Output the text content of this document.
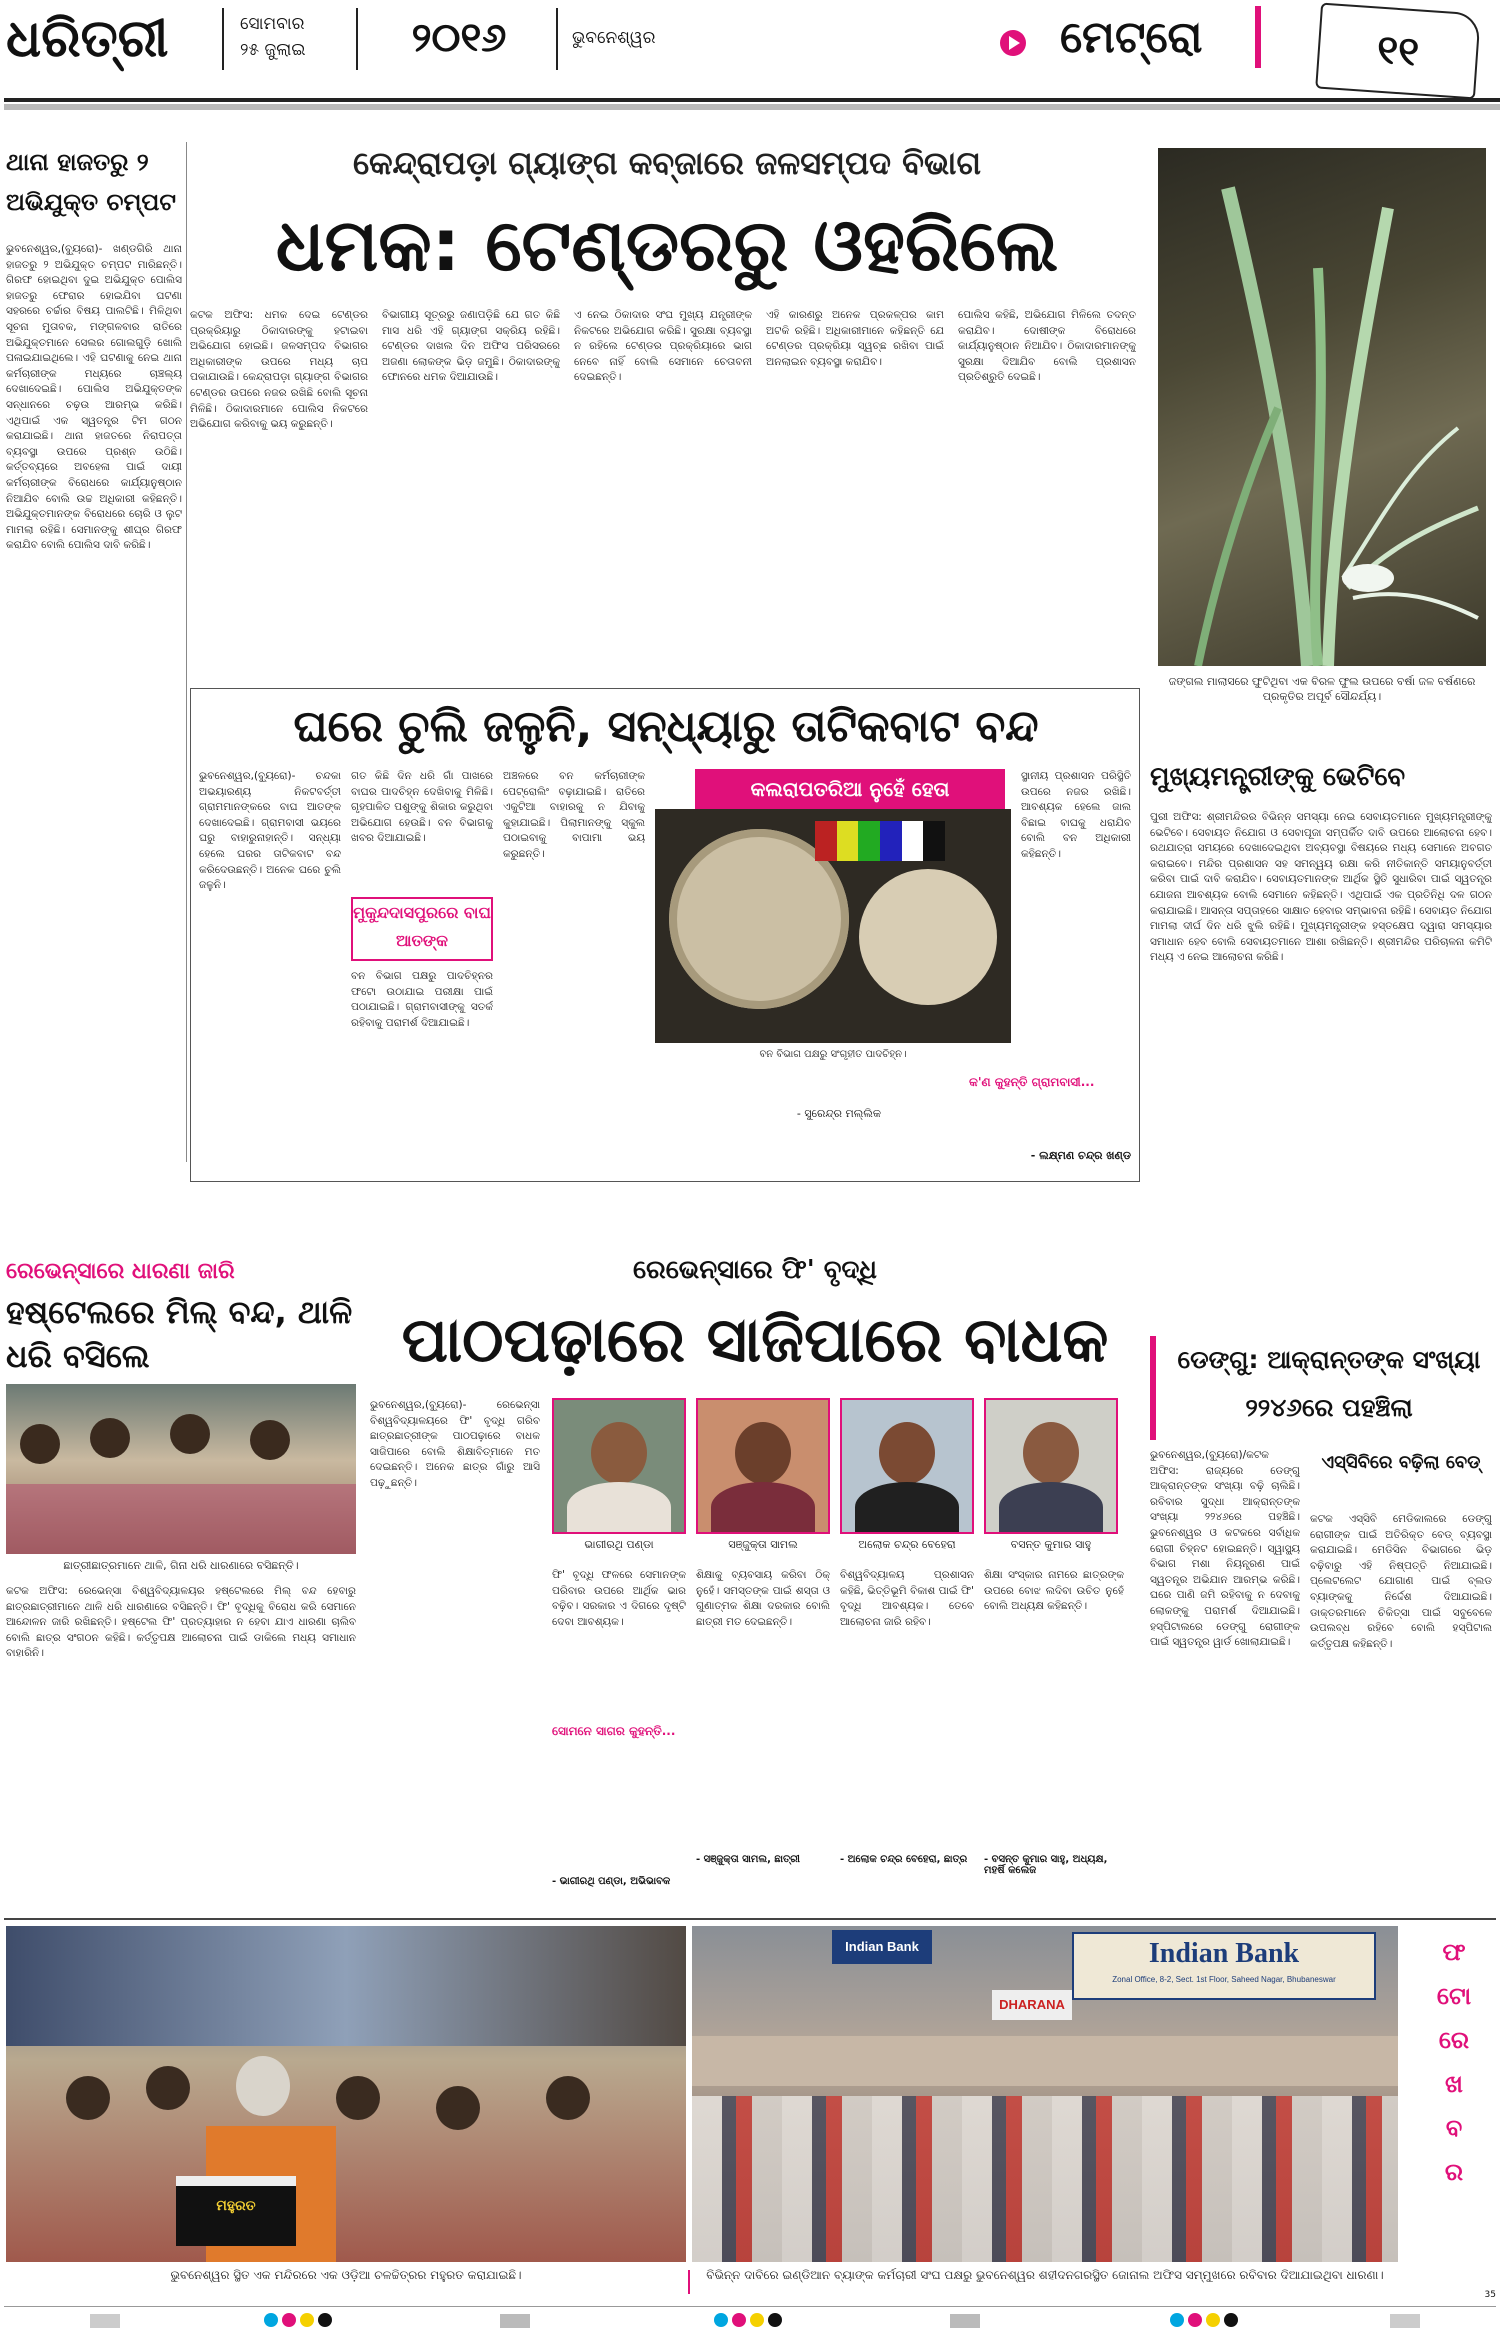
ଧରିତ୍ରୀ	ସୋମବାର
୨୫ ଜୁଲାଇ	୨୦୧୬	ଭୁବନେଶ୍ୱର	ମେଟ୍ରୋ	୧୧
ଥାନା ହାଜତରୁ ୨ ଅଭିଯୁକ୍ତ ଚମ୍ପଟ
ଭୁବନେଶ୍ୱର,(ବ୍ୟୁରୋ)- ଖଣ୍ଡଗିରି ଥାନା ହାଜତରୁ ୨ ଅଭିଯୁକ୍ତ ଚମ୍ପଟ ମାରିଛନ୍ତି। ଗିରଫ ହୋଇଥିବା ଦୁଇ ଅଭିଯୁକ୍ତ ପୋଲିସ ହାଜତରୁ ଫେରାର ହୋଇଯିବା ଘଟଣା ସହରରେ ଚର୍ଚ୍ଚାର ବିଷୟ ପାଲଟିଛି। ମିଳିଥିବା ସୂଚନା ମୁତାବକ, ମଙ୍ଗଳବାର ରାତିରେ ଅଭିଯୁକ୍ତମାନେ ସେଲର ଗୋଲଗୁଡ଼ି ଖୋଲି ପଳାଇଯାଇଥିଲେ। ଏହି ଘଟଣାକୁ ନେଇ ଥାନା କର୍ମଚାରୀଙ୍କ ମଧ୍ୟରେ ଚାଞ୍ଚଲ୍ୟ ଦେଖାଦେଇଛି। ପୋଲିସ ଅଭିଯୁକ୍ତଙ୍କ ସନ୍ଧାନରେ ଚଢ଼ଉ ଆରମ୍ଭ କରିଛି। ଏଥିପାଇଁ ଏକ ସ୍ୱତନ୍ତ୍ର ଟିମ ଗଠନ କରାଯାଇଛି। ଥାନା ହାଜତରେ ନିରାପତ୍ତା ବ୍ୟବସ୍ଥା ଉପରେ ପ୍ରଶ୍ନ ଉଠିଛି। କର୍ତ୍ତବ୍ୟରେ ଅବହେଳା ପାଇଁ ଦାୟୀ କର୍ମଚାରୀଙ୍କ ବିରୋଧରେ କାର୍ଯ୍ୟାନୁଷ୍ଠାନ ନିଆଯିବ ବୋଲି ଉଚ୍ଚ ଅଧିକାରୀ କହିଛନ୍ତି। ଅଭିଯୁକ୍ତମାନଙ୍କ ବିରୋଧରେ ଚୋରି ଓ ଲୁଟ ମାମଲା ରହିଛି। ସେମାନଙ୍କୁ ଶୀଘ୍ର ଗିରଫ କରାଯିବ ବୋଲି ପୋଲିସ ଦାବି କରିଛି।
କେନ୍ଦ୍ରାପଡ଼ା ଗ୍ୟାଙ୍ଗ କବ୍‌ଜାରେ ଜଳସମ୍ପଦ ବିଭାଗ
ଧମକ: ଟେଣ୍ଡରରୁ ଓହରିଲେ
କଟକ ଅଫିସ: ଧମକ ଦେଇ ଟେଣ୍ଡର ପ୍ରକ୍ରିୟାରୁ ଠିକାଦାରଙ୍କୁ ହଟାଇବା ଅଭିଯୋଗ ହୋଇଛି। ଜଳସମ୍ପଦ ବିଭାଗର ଅଧିକାରୀଙ୍କ ଉପରେ ମଧ୍ୟ ଚାପ ପକାଯାଉଛି। କେନ୍ଦ୍ରାପଡ଼ା ଗ୍ୟାଙ୍ଗ ବିଭାଗର ଟେଣ୍ଡର ଉପରେ ନଜର ରଖିଛି ବୋଲି ସୂଚନା ମିଳିଛି। ଠିକାଦାରମାନେ ପୋଲିସ ନିକଟରେ ଅଭିଯୋଗ କରିବାକୁ ଭୟ କରୁଛନ୍ତି।
ବିଭାଗୀୟ ସୂତ୍ରରୁ ଜଣାପଡ଼ିଛି ଯେ ଗତ କିଛି ମାସ ଧରି ଏହି ଗ୍ୟାଙ୍ଗ ସକ୍ରିୟ ରହିଛି। ଟେଣ୍ଡର ଦାଖଲ ଦିନ ଅଫିସ ପରିସରରେ ଅଜଣା ଲୋକଙ୍କ ଭିଡ଼ ଜମୁଛି। ଠିକାଦାରଙ୍କୁ ଫୋନରେ ଧମକ ଦିଆଯାଉଛି।
ଏ ନେଇ ଠିକାଦାର ସଂଘ ମୁଖ୍ୟ ଯନ୍ତ୍ରୀଙ୍କ ନିକଟରେ ଅଭିଯୋଗ କରିଛି। ସୁରକ୍ଷା ବ୍ୟବସ୍ଥା ନ ରହିଲେ ଟେଣ୍ଡର ପ୍ରକ୍ରିୟାରେ ଭାଗ ନେବେ ନାହିଁ ବୋଲି ସେମାନେ ଚେତାବନୀ ଦେଇଛନ୍ତି।
ଏହି କାରଣରୁ ଅନେକ ପ୍ରକଳ୍ପର କାମ ଅଟକି ରହିଛି। ଅଧିକାରୀମାନେ କହିଛନ୍ତି ଯେ ଟେଣ୍ଡର ପ୍ରକ୍ରିୟା ସ୍ୱଚ୍ଛ ରଖିବା ପାଇଁ ଅନଲାଇନ ବ୍ୟବସ୍ଥା କରାଯିବ।
ପୋଲିସ କହିଛି, ଅଭିଯୋଗ ମିଳିଲେ ତଦନ୍ତ କରାଯିବ। ଦୋଷୀଙ୍କ ବିରୋଧରେ କାର୍ଯ୍ୟାନୁଷ୍ଠାନ ନିଆଯିବ। ଠିକାଦାରମାନଙ୍କୁ ସୁରକ୍ଷା ଦିଆଯିବ ବୋଲି ପ୍ରଶାସନ ପ୍ରତିଶ୍ରୁତି ଦେଇଛି।
ଜଙ୍ଗଲ ମାଲାସରେ ଫୁଟିଥିବା ଏକ ବିରଳ ଫୁଲ ଉପରେ ବର୍ଷା ଜଳ ବର୍ଷଣରେ ପ୍ରକୃତିର ଅପୂର୍ବ ସୌନ୍ଦର୍ଯ୍ୟ।
ଘରେ ଚୁଲି ଜଳୁନି, ସନ୍ଧ୍ୟାରୁ ତାଟିକବାଟ ବନ୍ଦ
ଭୁବନେଶ୍ୱର,(ବ୍ୟୁରୋ)- ଚନ୍ଦକା ଅଭୟାରଣ୍ୟ ନିକଟବର୍ତ୍ତୀ ଗ୍ରାମମାନଙ୍କରେ ବାଘ ଆତଙ୍କ ଦେଖାଦେଇଛି। ଗ୍ରାମବାସୀ ଭୟରେ ଘରୁ ବାହାରୁନାହାନ୍ତି। ସନ୍ଧ୍ୟା ହେଲେ ଘରର ତାଟିକବାଟ ବନ୍ଦ କରିଦେଉଛନ୍ତି। ଅନେକ ଘରେ ଚୁଲି ଜଳୁନି।
ଗତ କିଛି ଦିନ ଧରି ଗାଁ ପାଖରେ ବାଘର ପାଦଚିହ୍ନ ଦେଖିବାକୁ ମିଳିଛି। ଗୃହପାଳିତ ପଶୁଙ୍କୁ ଶିକାର କରୁଥିବା ଅଭିଯୋଗ ହେଉଛି। ବନ ବିଭାଗକୁ ଖବର ଦିଆଯାଇଛି।
ମୁକୁନ୍ଦଦାସପୁରରେ ବାଘ ଆତଙ୍କ
ବନ ବିଭାଗ ପକ୍ଷରୁ ପାଦଚିହ୍ନର ଫଟୋ ଉଠାଯାଇ ପରୀକ୍ଷା ପାଇଁ ପଠାଯାଇଛି। ଗ୍ରାମବାସୀଙ୍କୁ ସତର୍କ ରହିବାକୁ ପରାମର୍ଶ ଦିଆଯାଇଛି।
ଅଞ୍ଚଳରେ ବନ କର୍ମଚାରୀଙ୍କ ପେଟ୍ରୋଲିଂ ବଢ଼ାଯାଇଛି। ରାତିରେ ଏକୁଟିଆ ବାହାରକୁ ନ ଯିବାକୁ କୁହାଯାଇଛି। ପିଲାମାନଙ୍କୁ ସ୍କୁଲ ପଠାଇବାକୁ ବାପାମା ଭୟ କରୁଛନ୍ତି।
କଲରାପତରିଆ ନୁହେଁ ହେତା
ବନ ବିଭାଗ ପକ୍ଷରୁ ସଂଗୃହୀତ ପାଦଚିହ୍ନ।
ସ୍ଥାନୀୟ ପ୍ରଶାସନ ପରିସ୍ଥିତି ଉପରେ ନଜର ରଖିଛି। ଆବଶ୍ୟକ ହେଲେ ଜାଲ ବିଛାଇ ବାଘକୁ ଧରାଯିବ ବୋଲି ବନ ଅଧିକାରୀ କହିଛନ୍ତି।
କ'ଣ କୁହନ୍ତି ଗ୍ରାମବାସୀ...
- ସୁରେନ୍ଦ୍ର ମଲ୍ଲିକ
- ଲକ୍ଷ୍ମଣ ଚନ୍ଦ୍ର ଖଣ୍ଡ
ମୁଖ୍ୟମନ୍ତ୍ରୀଙ୍କୁ ଭେଟିବେ
ପୁରୀ ଅଫିସ: ଶ୍ରୀମନ୍ଦିରର ବିଭିନ୍ନ ସମସ୍ୟା ନେଇ ସେବାୟତମାନେ ମୁଖ୍ୟମନ୍ତ୍ରୀଙ୍କୁ ଭେଟିବେ। ସେବାୟତ ନିଯୋଗ ଓ ସେବାପୂଜା ସମ୍ପର୍କିତ ଦାବି ଉପରେ ଆଲୋଚନା ହେବ। ରଥଯାତ୍ରା ସମୟରେ ଦେଖାଦେଇଥିବା ଅବ୍ୟବସ୍ଥା ବିଷୟରେ ମଧ୍ୟ ସେମାନେ ଅବଗତ କରାଇବେ। ମନ୍ଦିର ପ୍ରଶାସନ ସହ ସମନ୍ୱୟ ରକ୍ଷା କରି ନୀତିକାନ୍ତି ସମୟାନୁବର୍ତ୍ତୀ କରିବା ପାଇଁ ଦାବି କରାଯିବ। ସେବାୟତମାନଙ୍କ ଆର୍ଥିକ ସ୍ଥିତି ସୁଧାରିବା ପାଇଁ ସ୍ୱତନ୍ତ୍ର ଯୋଜନା ଆବଶ୍ୟକ ବୋଲି ସେମାନେ କହିଛନ୍ତି। ଏଥିପାଇଁ ଏକ ପ୍ରତିନିଧି ଦଳ ଗଠନ କରାଯାଇଛି। ଆସନ୍ତା ସପ୍ତାହରେ ସାକ୍ଷାତ ହେବାର ସମ୍ଭାବନା ରହିଛି। ସେବାୟତ ନିଯୋଗ ମାମଲା ଦୀର୍ଘ ଦିନ ଧରି ଝୁଲି ରହିଛି। ମୁଖ୍ୟମନ୍ତ୍ରୀଙ୍କ ହସ୍ତକ୍ଷେପ ଦ୍ୱାରା ସମସ୍ୟାର ସମାଧାନ ହେବ ବୋଲି ସେବାୟତମାନେ ଆଶା ରଖିଛନ୍ତି। ଶ୍ରୀମନ୍ଦିର ପରିଚାଳନା କମିଟି ମଧ୍ୟ ଏ ନେଇ ଆଲୋଚନା କରିଛି।
ରେଭେନ୍ସାରେ ଧାରଣା ଜାରି
ହଷ୍ଟେଲରେ ମିଲ୍ ବନ୍ଦ, ଥାଳି ଧରି ବସିଲେ
ଛାତ୍ରୀଛାତ୍ରମାନେ ଥାଳି, ଗିନା ଧରି ଧାରଣାରେ ବସିଛନ୍ତି।
କଟକ ଅଫିସ: ରେଭେନ୍ସା ବିଶ୍ୱବିଦ୍ୟାଳୟର ହଷ୍ଟେଲରେ ମିଲ୍ ବନ୍ଦ ହେବାରୁ ଛାତ୍ରଛାତ୍ରୀମାନେ ଥାଳି ଧରି ଧାରଣାରେ ବସିଛନ୍ତି। ଫି' ବୃଦ୍ଧିକୁ ବିରୋଧ କରି ସେମାନେ ଆନ୍ଦୋଳନ ଜାରି ରଖିଛନ୍ତି। ହଷ୍ଟେଲ ଫି' ପ୍ରତ୍ୟାହାର ନ ହେବା ଯାଏ ଧାରଣା ଚାଲିବ ବୋଲି ଛାତ୍ର ସଂଗଠନ କହିଛି। କର୍ତ୍ତୃପକ୍ଷ ଆଲୋଚନା ପାଇଁ ଡାକିଲେ ମଧ୍ୟ ସମାଧାନ ବାହାରିନି।
ରେଭେନ୍ସାରେ ଫି' ବୃଦ୍ଧି
ପାଠପଢ଼ାରେ ସାଜିପାରେ ବାଧକ
ଭୁବନେଶ୍ୱର,(ବ୍ୟୁରୋ)- ରେଭେନ୍ସା ବିଶ୍ୱବିଦ୍ୟାଳୟରେ ଫି' ବୃଦ୍ଧି ଗରିବ ଛାତ୍ରଛାତ୍ରୀଙ୍କ ପାଠପଢ଼ାରେ ବାଧକ ସାଜିପାରେ ବୋଲି ଶିକ୍ଷାବିତ୍ମାନେ ମତ ଦେଇଛନ୍ତି। ଅନେକ ଛାତ୍ର ଗାଁରୁ ଆସି ପଢ଼ୁଛନ୍ତି।
ଭାଗୀରଥି ପଣ୍ଡା	ସଞ୍ଜୁକ୍ତା ସାମଲ	ଅଲୋକ ଚନ୍ଦ୍ର ବେହେରା	ବସନ୍ତ କୁମାର ସାହୁ
ଫି' ବୃଦ୍ଧି ଫଳରେ ସେମାନଙ୍କ ପରିବାର ଉପରେ ଆର୍ଥିକ ଭାର ବଢ଼ିବ। ସରକାର ଏ ଦିଗରେ ଦୃଷ୍ଟି ଦେବା ଆବଶ୍ୟକ।
ସୋମନେ ସାଗର କୁହନ୍ତି...
ଶିକ୍ଷାକୁ ବ୍ୟବସାୟ କରିବା ଠିକ୍ ନୁହେଁ। ସମସ୍ତଙ୍କ ପାଇଁ ଶସ୍ତା ଓ ଗୁଣାତ୍ମକ ଶିକ୍ଷା ଦରକାର ବୋଲି ଛାତ୍ରୀ ମତ ଦେଇଛନ୍ତି।
ବିଶ୍ୱବିଦ୍ୟାଳୟ ପ୍ରଶାସନ କହିଛି, ଭିତ୍ତିଭୂମି ବିକାଶ ପାଇଁ ଫି' ବୃଦ୍ଧି ଆବଶ୍ୟକ। ତେବେ ଆଲୋଚନା ଜାରି ରହିବ।
ଶିକ୍ଷା ସଂସ୍କାର ନାମରେ ଛାତ୍ରଙ୍କ ଉପରେ ବୋଝ ଲଦିବା ଉଚିତ ନୁହେଁ ବୋଲି ଅଧ୍ୟକ୍ଷ କହିଛନ୍ତି।
- ସଞ୍ଜୁକ୍ତା ସାମଲ, ଛାତ୍ରୀ
- ଭାଗୀରଥି ପଣ୍ଡା, ଅଭିଭାବକ
- ଅଲୋକ ଚନ୍ଦ୍ର ବେହେରା, ଛାତ୍ର	- ବସନ୍ତ କୁମାର ସାହୁ, ଅଧ୍ୟକ୍ଷ, ମହର୍ଷି କଲେଜ
ଡେଙ୍ଗୁ: ଆକ୍ରାନ୍ତଙ୍କ ସଂଖ୍ୟା ୨୨୪୬ରେ ପହଞ୍ଚିଲା
ଭୁବନେଶ୍ୱର,(ବ୍ୟୁରୋ)/କଟକ ଅଫିସ: ରାଜ୍ୟରେ ଡେଙ୍ଗୁ ଆକ୍ରାନ୍ତଙ୍କ ସଂଖ୍ୟା ବଢ଼ି ଚାଲିଛି। ରବିବାର ସୁଦ୍ଧା ଆକ୍ରାନ୍ତଙ୍କ ସଂଖ୍ୟା ୨୨୪୬ରେ ପହଞ୍ଚିଛି। ଭୁବନେଶ୍ୱର ଓ କଟକରେ ସର୍ବାଧିକ ରୋଗୀ ଚିହ୍ନଟ ହୋଇଛନ୍ତି। ସ୍ୱାସ୍ଥ୍ୟ ବିଭାଗ ମଶା ନିୟନ୍ତ୍ରଣ ପାଇଁ ସ୍ୱତନ୍ତ୍ର ଅଭିଯାନ ଆରମ୍ଭ କରିଛି। ଘରେ ପାଣି ଜମି ରହିବାକୁ ନ ଦେବାକୁ ଲୋକଙ୍କୁ ପରାମର୍ଶ ଦିଆଯାଇଛି। ହସ୍ପିଟାଲରେ ଡେଙ୍ଗୁ ରୋଗୀଙ୍କ ପାଇଁ ସ୍ୱତନ୍ତ୍ର ୱାର୍ଡ ଖୋଲାଯାଇଛି।
ଏସ୍‌ସିବିରେ ବଢ଼ିଲା ବେଡ୍
କଟକ ଏସ୍‌ସିବି ମେଡିକାଲରେ ଡେଙ୍ଗୁ ରୋଗୀଙ୍କ ପାଇଁ ଅତିରିକ୍ତ ବେଡ୍ ବ୍ୟବସ୍ଥା କରାଯାଇଛି। ମେଡିସିନ ବିଭାଗରେ ଭିଡ଼ ବଢ଼ିବାରୁ ଏହି ନିଷ୍ପତ୍ତି ନିଆଯାଇଛି। ପ୍ଲେଟଲେଟ ଯୋଗାଣ ପାଇଁ ବ୍ଲଡ ବ୍ୟାଙ୍କକୁ ନିର୍ଦ୍ଦେଶ ଦିଆଯାଇଛି। ଡାକ୍ତରମାନେ ଚିକିତ୍ସା ପାଇଁ ସବୁବେଳେ ଉପଲବ୍ଧ ରହିବେ ବୋଲି ହସ୍ପିଟାଲ କର୍ତ୍ତୃପକ୍ଷ କହିଛନ୍ତି।
ମହୁରତ
Indian Bank	Indian Bank
Zonal Office, 8-2, Sect. 1st Floor, Saheed Nagar, Bhubaneswar
DHARANA
ଫ
ଟୋ
ରେ
ଖ
ବ
ର
ଭୁବନେଶ୍ୱର ସ୍ଥିତ ଏକ ମନ୍ଦିରରେ ଏକ ଓଡ଼ିଆ ଚଳଚ୍ଚିତ୍ରର ମହୁରତ କରାଯାଇଛି।	ବିଭିନ୍ନ ଦାବିରେ ଇଣ୍ଡିଆନ ବ୍ୟାଙ୍କ କର୍ମଚାରୀ ସଂଘ ପକ୍ଷରୁ ଭୁବନେଶ୍ୱର ଶହୀଦନଗରସ୍ଥିତ ଜୋନାଲ ଅଫିସ ସମ୍ମୁଖରେ ରବିବାର ଦିଆଯାଇଥିବା ଧାରଣା।
35
